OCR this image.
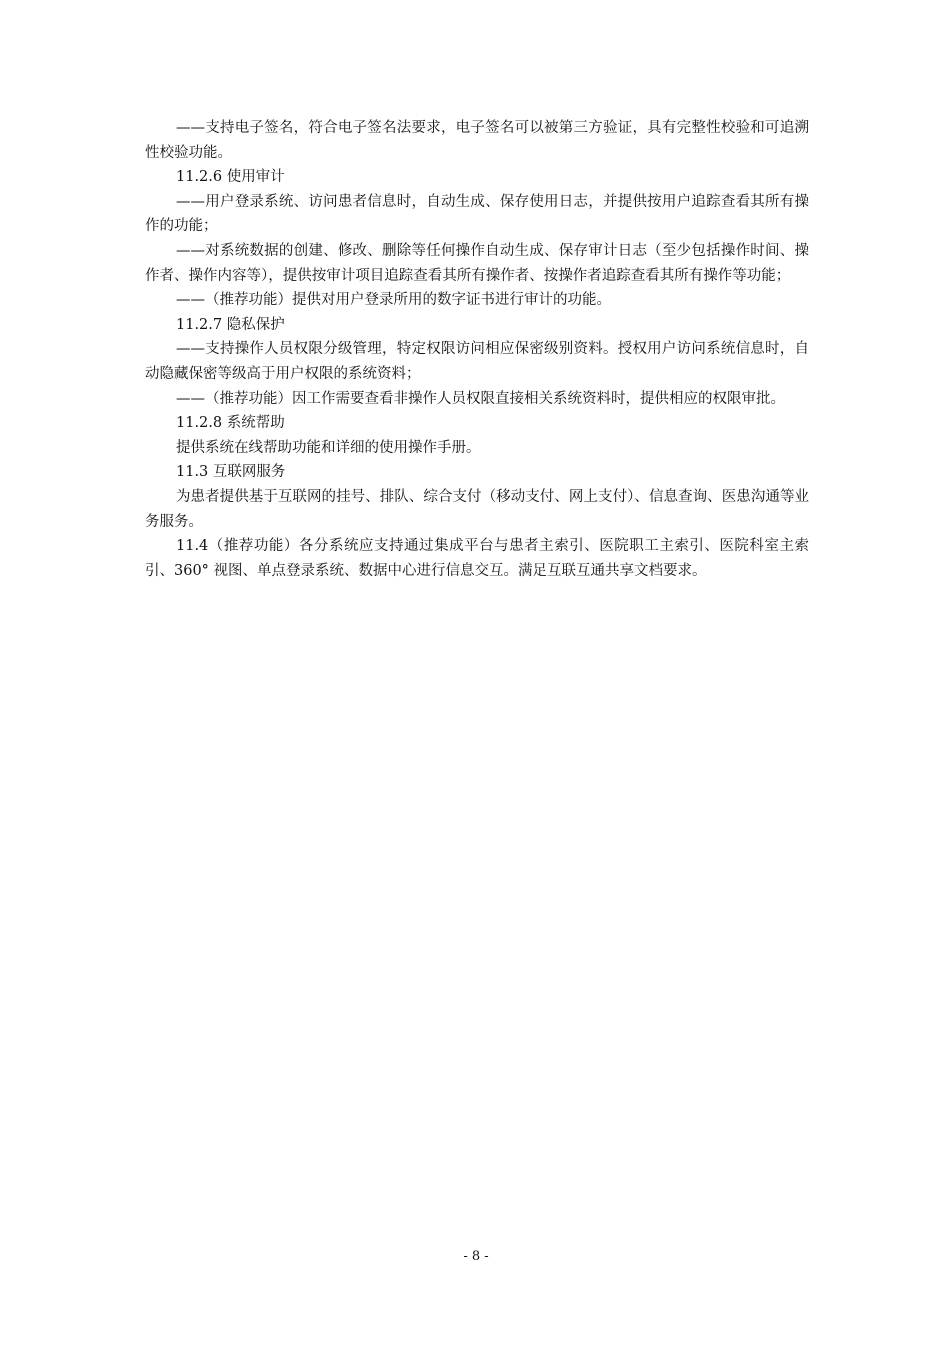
——支持电子签名，符合电子签名法要求，电子签名可以被第三方验证，具有完整性校验和可追溯性校验功能。

11.2.6 使用审计

——用户登录系统、访问患者信息时，自动生成、保存使用日志，并提供按用户追踪查看其所有操作的功能；

——对系统数据的创建、修改、删除等任何操作自动生成、保存审计日志（至少包括操作时间、操作者、操作内容等），提供按审计项目追踪查看其所有操作者、按操作者追踪查看其所有操作等功能；

——（推荐功能）提供对用户登录所用的数字证书进行审计的功能。

11.2.7 隐私保护

——支持操作人员权限分级管理，特定权限访问相应保密级别资料。授权用户访问系统信息时，自动隐藏保密等级高于用户权限的系统资料；

——（推荐功能）因工作需要查看非操作人员权限直接相关系统资料时，提供相应的权限审批。

11.2.8 系统帮助

提供系统在线帮助功能和详细的使用操作手册。

11.3 互联网服务

为患者提供基于互联网的挂号、排队、综合支付（移动支付、网上支付）、信息查询、医患沟通等业务服务。

11.4（推荐功能）各分系统应支持通过集成平台与患者主索引、医院职工主索引、医院科室主索引、360° 视图、单点登录系统、数据中心进行信息交互。满足互联互通共享文档要求。

- 8 -
